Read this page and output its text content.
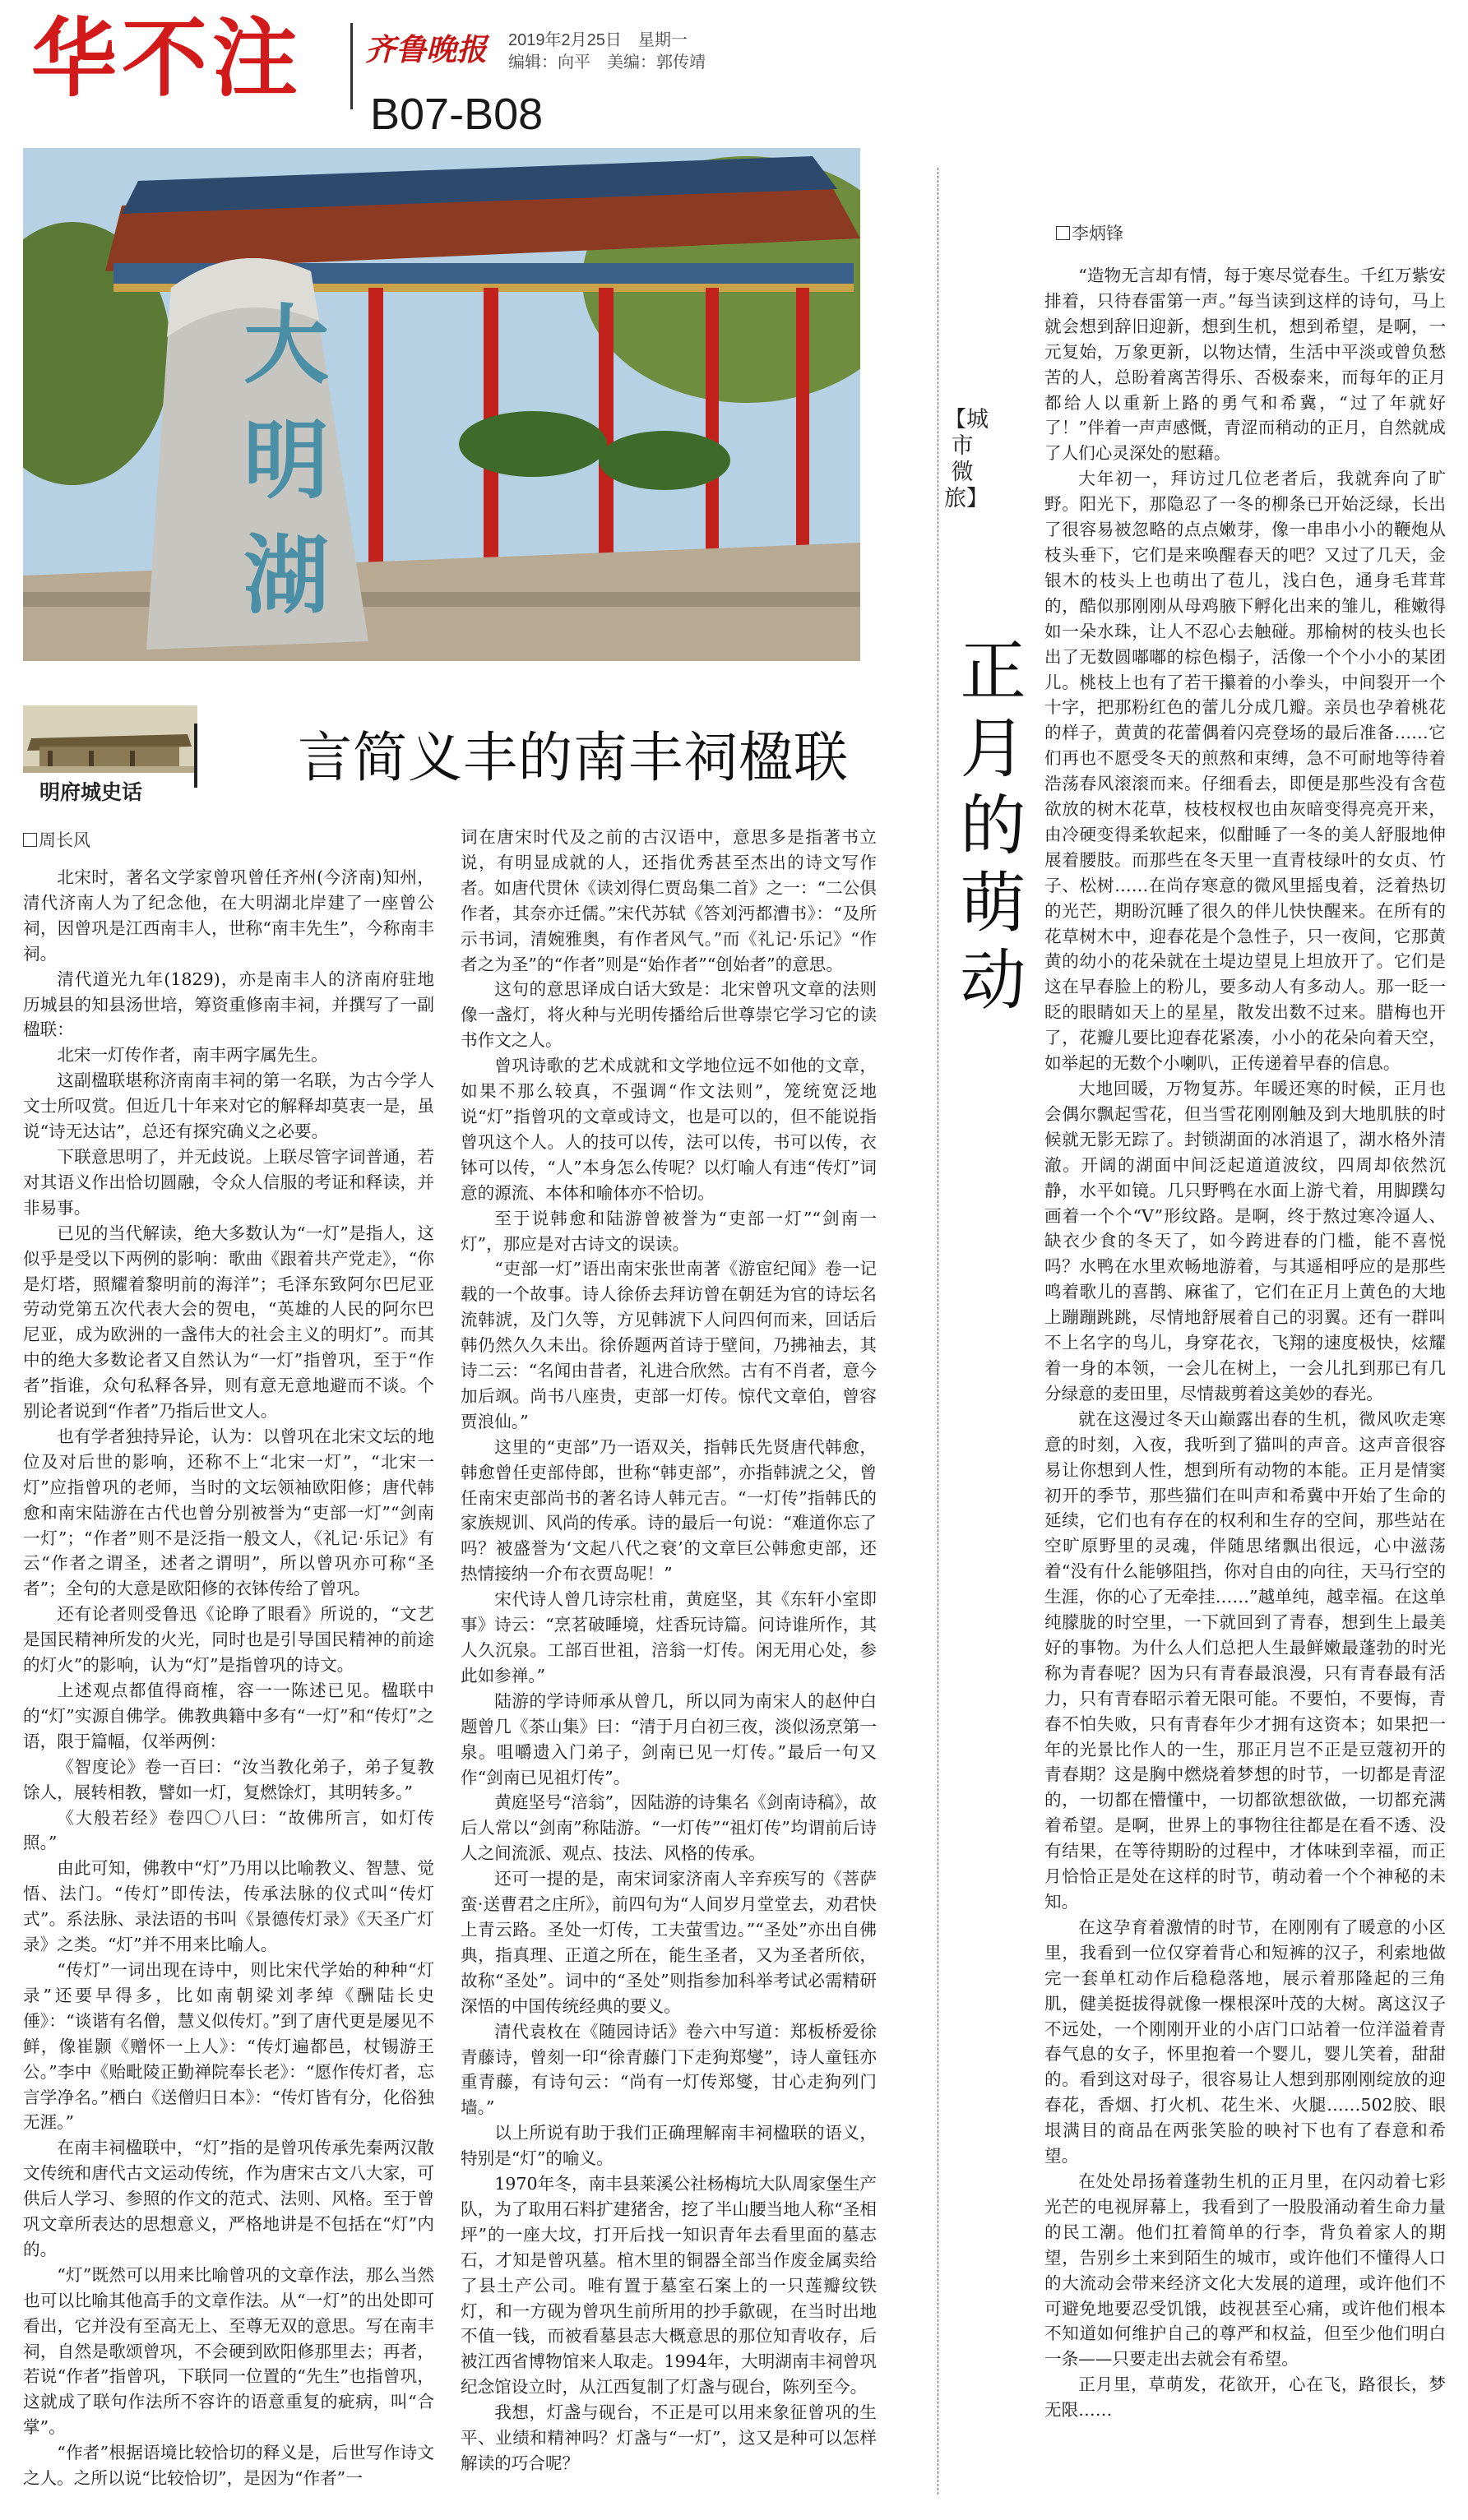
华不注 齐鲁晚报 2019年2月25日　星期一
编辑：向平　美编：郭传靖
B07-B08
大
明
湖
明府城史话
言简义丰的南丰祠楹联
周长风

北宋时，著名文学家曾巩曾任齐州(今济南)知州，清代济南人为了纪念他，在大明湖北岸建了一座曾公祠，因曾巩是江西南丰人，世称“南丰先生”，今称南丰祠。

清代道光九年(1829)，亦是南丰人的济南府驻地历城县的知县汤世培，筹资重修南丰祠，并撰写了一副楹联：

北宋一灯传作者，南丰两字属先生。

这副楹联堪称济南南丰祠的第一名联，为古今学人文士所叹赏。但近几十年来对它的解释却莫衷一是，虽说“诗无达诂”，总还有探究确义之必要。

下联意思明了，并无歧说。上联尽管字词普通，若对其语义作出恰切圆融，令众人信服的考证和释读，并非易事。

已见的当代解读，绝大多数认为“一灯”是指人，这似乎是受以下两例的影响：歌曲《跟着共产党走》，“你是灯塔，照耀着黎明前的海洋”；毛泽东致阿尔巴尼亚劳动党第五次代表大会的贺电，“英雄的人民的阿尔巴尼亚，成为欧洲的一盏伟大的社会主义的明灯”。而其中的绝大多数论者又自然认为“一灯”指曾巩，至于“作者”指谁，众句私释各异，则有意无意地避而不谈。个别论者说到“作者”乃指后世文人。

也有学者独持异论，认为：以曾巩在北宋文坛的地位及对后世的影响，还称不上“北宋一灯”，“北宋一灯”应指曾巩的老师，当时的文坛领袖欧阳修；唐代韩愈和南宋陆游在古代也曾分别被誉为“吏部一灯”“剑南一灯”；“作者”则不是泛指一般文人，《礼记·乐记》有云“作者之谓圣，述者之谓明”，所以曾巩亦可称“圣者”；全句的大意是欧阳修的衣钵传给了曾巩。

还有论者则受鲁迅《论睁了眼看》所说的，“文艺是国民精神所发的火光，同时也是引导国民精神的前途的灯火”的影响，认为“灯”是指曾巩的诗文。

上述观点都值得商榷，容一一陈述已见。楹联中的“灯”实源自佛学。佛教典籍中多有“一灯”和“传灯”之语，限于篇幅，仅举两例：

《智度论》卷一百曰：“汝当教化弟子，弟子复教馀人，展转相教，譬如一灯，复燃馀灯，其明转多。”

《大般若经》卷四〇八曰：“故佛所言，如灯传照。”

由此可知，佛教中“灯”乃用以比喻教义、智慧、觉悟、法门。“传灯”即传法，传承法脉的仪式叫“传灯式”。系法脉、录法语的书叫《景德传灯录》《天圣广灯录》之类。“灯”并不用来比喻人。

“传灯”一词出现在诗中，则比宋代学始的种种“灯录”还要早得多，比如南朝梁刘孝绰《酬陆长史倕》：“谈谐有名僧，慧义似传灯。”到了唐代更是屡见不鲜，像崔颢《赠怀一上人》：“传灯遍都邑，杖锡游王公。”李中《贻毗陵正勤禅院奉长老》：“愿作传灯者，忘言学净名。”栖白《送僧归日本》：“传灯皆有分，化俗独无涯。”

在南丰祠楹联中，“灯”指的是曾巩传承先秦两汉散文传统和唐代古文运动传统，作为唐宋古文八大家，可供后人学习、参照的作文的范式、法则、风格。至于曾巩文章所表达的思想意义，严格地讲是不包括在“灯”内的。

“灯”既然可以用来比喻曾巩的文章作法，那么当然也可以比喻其他高手的文章作法。从“一灯”的出处即可看出，它并没有至高无上、至尊无双的意思。写在南丰祠，自然是歌颂曾巩，不会硬到欧阳修那里去；再者，若说“作者”指曾巩，下联同一位置的“先生”也指曾巩，这就成了联句作法所不容许的语意重复的疵病，叫“合掌”。

“作者”根据语境比较恰切的释义是，后世写作诗文之人。之所以说“比较恰切”，是因为“作者”一

词在唐宋时代及之前的古汉语中，意思多是指著书立说，有明显成就的人，还指优秀甚至杰出的诗文写作者。如唐代贯休《读刘得仁贾岛集二首》之一：“二公俱作者，其奈亦迁儒。”宋代苏轼《答刘沔都漕书》：“及所示书词，清婉雅奥，有作者风气。”而《礼记·乐记》“作者之为圣”的“作者”则是“始作者”“创始者”的意思。

这句的意思译成白话大致是：北宋曾巩文章的法则像一盏灯，将火种与光明传播给后世尊崇它学习它的读书作文之人。

曾巩诗歌的艺术成就和文学地位远不如他的文章，如果不那么较真，不强调“作文法则”，笼统宽泛地说“灯”指曾巩的文章或诗文，也是可以的，但不能说指曾巩这个人。人的技可以传，法可以传，书可以传，衣钵可以传，“人”本身怎么传呢？以灯喻人有违“传灯”词意的源流、本体和喻体亦不恰切。

至于说韩愈和陆游曾被誉为“吏部一灯”“剑南一灯”，那应是对古诗文的误读。

“吏部一灯”语出南宋张世南著《游宦纪闻》卷一记载的一个故事。诗人徐侨去拜访曾在朝廷为官的诗坛名流韩淲，及门久等，方见韩淲下人问四何而来，回话后韩仍然久久未出。徐侨题两首诗于壁间，乃拂袖去，其诗二云：“名闻由昔者，礼进合欣然。古有不肖者，意今加后飒。尚书八座贵，吏部一灯传。惊代文章伯，曾容贾浪仙。”

这里的“吏部”乃一语双关，指韩氏先贤唐代韩愈，韩愈曾任吏部侍郎，世称“韩吏部”，亦指韩淲之父，曾任南宋吏部尚书的著名诗人韩元吉。“一灯传”指韩氏的家族规训、风尚的传承。诗的最后一句说：“难道你忘了吗？被盛誉为‘文起八代之衰’的文章巨公韩愈吏部，还热情接纳一介布衣贾岛呢！”

宋代诗人曾几诗宗杜甫，黄庭坚，其《东轩小室即事》诗云：“烹茗破睡境，炷香玩诗篇。问诗谁所作，其人久沉泉。工部百世祖，涪翁一灯传。闲无用心处，参此如参禅。”

陆游的学诗师承从曾几，所以同为南宋人的赵仲白题曾几《茶山集》曰：“清于月白初三夜，淡似汤烹第一泉。咀嚼遗入门弟子，剑南已见一灯传。”最后一句又作“剑南已见祖灯传”。

黄庭坚号“涪翁”，因陆游的诗集名《剑南诗稿》，故后人常以“剑南”称陆游。“一灯传”“祖灯传”均谓前后诗人之间流派、观点、技法、风格的传承。

还可一提的是，南宋词家济南人辛弃疾写的《菩萨蛮·送曹君之庄所》，前四句为“人间岁月堂堂去，劝君快上青云路。圣处一灯传，工夫萤雪边。”“圣处”亦出自佛典，指真理、正道之所在，能生圣者，又为圣者所依，故称“圣处”。词中的“圣处”则指参加科举考试必需精研深悟的中国传统经典的要义。

清代袁枚在《随园诗话》卷六中写道：郑板桥爱徐青藤诗，曾刻一印“徐青藤门下走狗郑燮”，诗人童钰亦重青藤，有诗句云：“尚有一灯传郑燮，甘心走狗列门墙。”

以上所说有助于我们正确理解南丰祠楹联的语义，特别是“灯”的喻义。

1970年冬，南丰县莱溪公社杨梅坑大队周家堡生产队，为了取用石料扩建猪舍，挖了半山腰当地人称“圣相坪”的一座大坟，打开后找一知识青年去看里面的墓志石，才知是曾巩墓。棺木里的铜器全部当作废金属卖给了县土产公司。唯有置于墓室石案上的一只莲瓣纹铁灯，和一方砚为曾巩生前所用的抄手歙砚，在当时出地不值一钱，而被看墓县志大概意思的那位知青收存，后被江西省博物馆来人取走。1994年，大明湖南丰祠曾巩纪念馆设立时，从江西复制了灯盏与砚台，陈列至今。

我想，灯盏与砚台，不正是可以用来象征曾巩的生平、业绩和精神吗？灯盏与“一灯”，这又是种可以怎样解读的巧合呢？

【城市微旅】
正月的萌动
李炳锋

“造物无言却有情，每于寒尽觉春生。千红万紫安排着，只待春雷第一声。”每当读到这样的诗句，马上就会想到辞旧迎新，想到生机，想到希望，是啊，一元复始，万象更新，以物达情，生活中平淡或曾负愁苦的人，总盼着离苦得乐、否极泰来，而每年的正月都给人以重新上路的勇气和希冀，“过了年就好了！”伴着一声声感慨，青涩而稍动的正月，自然就成了人们心灵深处的慰藉。

大年初一，拜访过几位老者后，我就奔向了旷野。阳光下，那隐忍了一冬的柳条已开始泛绿，长出了很容易被忽略的点点嫩芽，像一串串小小的鞭炮从枝头垂下，它们是来唤醒春天的吧？又过了几天，金银木的枝头上也萌出了苞儿，浅白色，通身毛茸茸的，酷似那刚刚从母鸡腋下孵化出来的雏儿，稚嫩得如一朵水珠，让人不忍心去触碰。那榆树的枝头也长出了无数圆嘟嘟的棕色榻子，活像一个个小小的某团儿。桃枝上也有了若干攥着的小拳头，中间裂开一个十字，把那粉红色的蕾儿分成几瓣。亲员也孕着桃花的样子，黄黄的花蕾偶着闪亮登场的最后准备……它们再也不愿受冬天的煎熬和束缚，急不可耐地等待着浩荡春风滚滚而来。仔细看去，即便是那些没有含苞欲放的树木花草，枝枝杈杈也由灰暗变得亮亮开来，由冷硬变得柔软起来，似酣睡了一冬的美人舒服地伸展着腰肢。而那些在冬天里一直青枝绿叶的女贞、竹子、松树……在尚存寒意的微风里摇曳着，泛着热切的光芒，期盼沉睡了很久的伴儿快快醒来。在所有的花草树木中，迎春花是个急性子，只一夜间，它那黄黄的幼小的花朵就在土堤边望見上坦放开了。它们是这在早春脸上的粉儿，要多动人有多动人。那一眨一眨的眼睛如天上的星星，散发出数不过来。腊梅也开了，花瓣儿要比迎春花紧凑，小小的花朵向着天空，如举起的无数个小喇叭，正传递着早春的信息。

大地回暖，万物复苏。年暖还寒的时候，正月也会偶尔飘起雪花，但当雪花刚刚触及到大地肌肤的时候就无影无踪了。封锁湖面的冰消退了，湖水格外清澈。开阔的湖面中间泛起道道波纹，四周却依然沉静，水平如镜。几只野鸭在水面上游弋着，用脚蹼勾画着一个个“V”形纹路。是啊，终于熬过寒冷逼人、缺衣少食的冬天了，如今跨进春的门槛，能不喜悦吗？水鸭在水里欢畅地游着，与其遥相呼应的是那些鸣着歌儿的喜鹊、麻雀了，它们在正月上黄色的大地上蹦蹦跳跳，尽情地舒展着自己的羽翼。还有一群叫不上名字的鸟儿，身穿花衣，飞翔的速度极快，炫耀着一身的本领，一会儿在树上，一会儿扎到那已有几分绿意的麦田里，尽情裁剪着这美妙的春光。

就在这漫过冬天山巅露出春的生机，微风吹走寒意的时刻，入夜，我听到了猫叫的声音。这声音很容易让你想到人性，想到所有动物的本能。正月是情窦初开的季节，那些猫们在叫声和希冀中开始了生命的延续，它们也有存在的权利和生存的空间，那些站在空旷原野里的灵魂，伴随思绪飘出很远，心中滋荡着“没有什么能够阻挡，你对自由的向往，天马行空的生涯，你的心了无牵挂……”越单纯，越幸福。在这单纯朦胧的时空里，一下就回到了青春，想到生上最美好的事物。为什么人们总把人生最鲜嫩最蓬勃的时光称为青春呢？因为只有青春最浪漫，只有青春最有活力，只有青春昭示着无限可能。不要怕，不要悔，青春不怕失败，只有青春年少才拥有这资本；如果把一年的光景比作人的一生，那正月岂不正是豆蔻初开的青春期？这是胸中燃烧着梦想的时节，一切都是青涩的，一切都在懵懂中，一切都欲想欲做，一切都充满着希望。是啊，世界上的事物往往都是在看不透、没有结果，在等待期盼的过程中，才体味到幸福，而正月恰恰正是处在这样的时节，萌动着一个个神秘的未知。

在这孕育着激情的时节，在刚刚有了暖意的小区里，我看到一位仅穿着背心和短裤的汉子，利索地做完一套单杠动作后稳稳落地，展示着那隆起的三角肌，健美挺拔得就像一棵根深叶茂的大树。离这汉子不远处，一个刚刚开业的小店门口站着一位洋溢着青春气息的女子，怀里抱着一个婴儿，婴儿笑着，甜甜的。看到这对母子，很容易让人想到那刚刚绽放的迎春花，香烟、打火机、花生米、火腿……502胶、眼垠满目的商品在两张笑脸的映衬下也有了春意和希望。

在处处昂扬着蓬勃生机的正月里，在闪动着七彩光芒的电视屏幕上，我看到了一股股涌动着生命力量的民工潮。他们扛着简单的行李，背负着家人的期望，告别乡土来到陌生的城市，或许他们不懂得人口的大流动会带来经济文化大发展的道理，或许他们不可避免地要忍受饥饿，歧视甚至心痛，或许他们根本不知道如何维护自己的尊严和权益，但至少他们明白一条——只要走出去就会有希望。

正月里，草萌发，花欲开，心在飞，路很长，梦无限……
